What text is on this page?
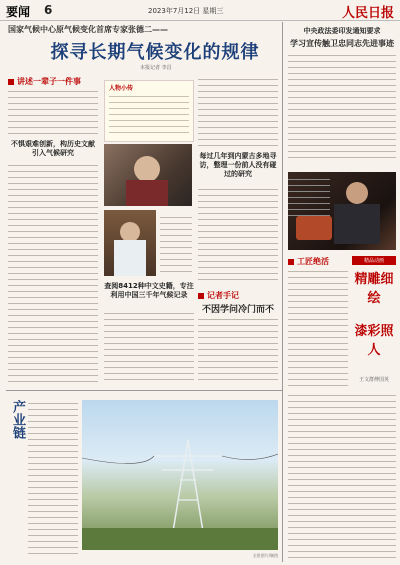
要闻 6	2023年7月12日 星期三	人民日报
国家气候中心原气候变化首席专家张德二——
探寻长期气候变化的规律
本报记者 李昌
讲述一辈子一件事
不惧艰难创新，构历史文献引入气候研究
人物小传
每过几年到内蒙古多地寻访，整理一份前人没有碰过的研究
查阅8412种中文史籍，专注利用中国三千年气候记录	记者手记
不因学问冷门而不
中央政法委印发通知要求
学习宣传触卫忠同志先进事迹
工匠绝活	精品动画
精雕细绘
漆彩照人
王文群傅国英
产业链
全景图片/制图
